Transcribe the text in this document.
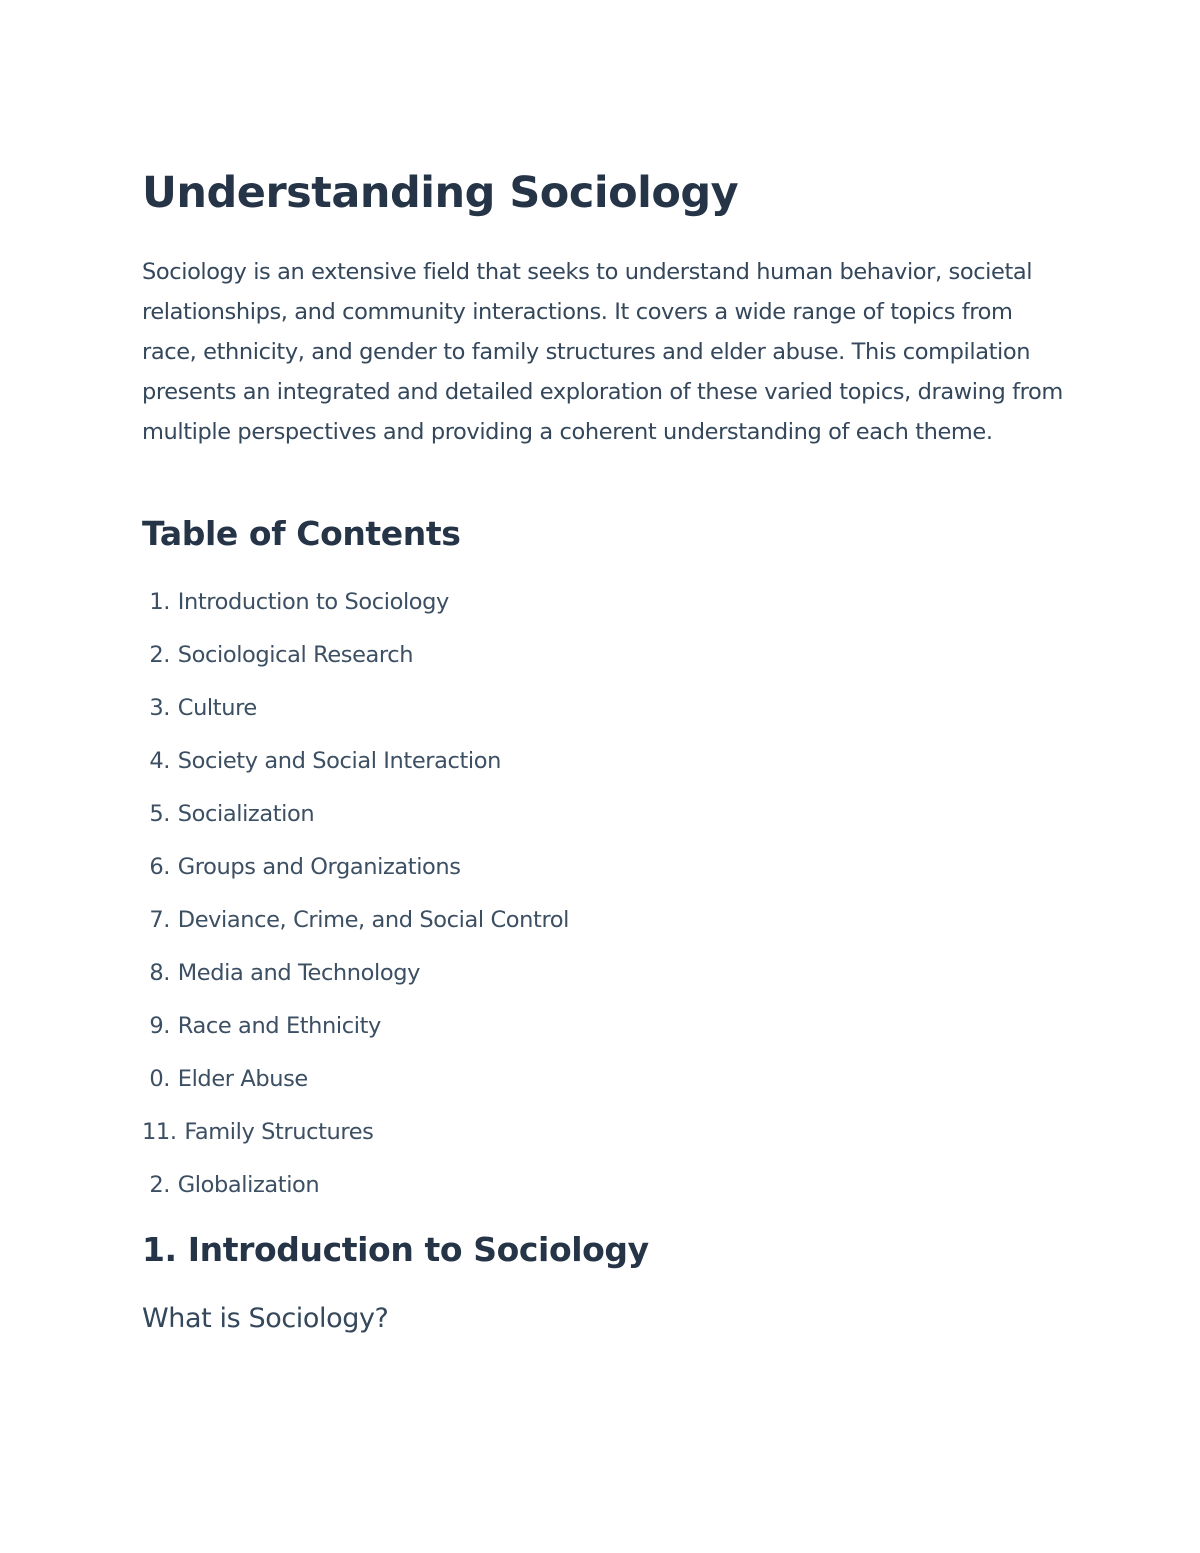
Understanding Sociology

Sociology is an extensive field that seeks to understand human behavior, societal relationships, and community interactions. It covers a wide range of topics from race, ethnicity, and gender to family structures and elder abuse. This compilation presents an integrated and detailed exploration of these varied topics, drawing from multiple perspectives and providing a coherent understanding of each theme.

Table of Contents
1. Introduction to Sociology
2. Sociological Research
3. Culture
4. Society and Social Interaction
5. Socialization
6. Groups and Organizations
7. Deviance, Crime, and Social Control
8. Media and Technology
9. Race and Ethnicity
0. Elder Abuse
11. Family Structures
2. Globalization
1. Introduction to Sociology
What is Sociology?
